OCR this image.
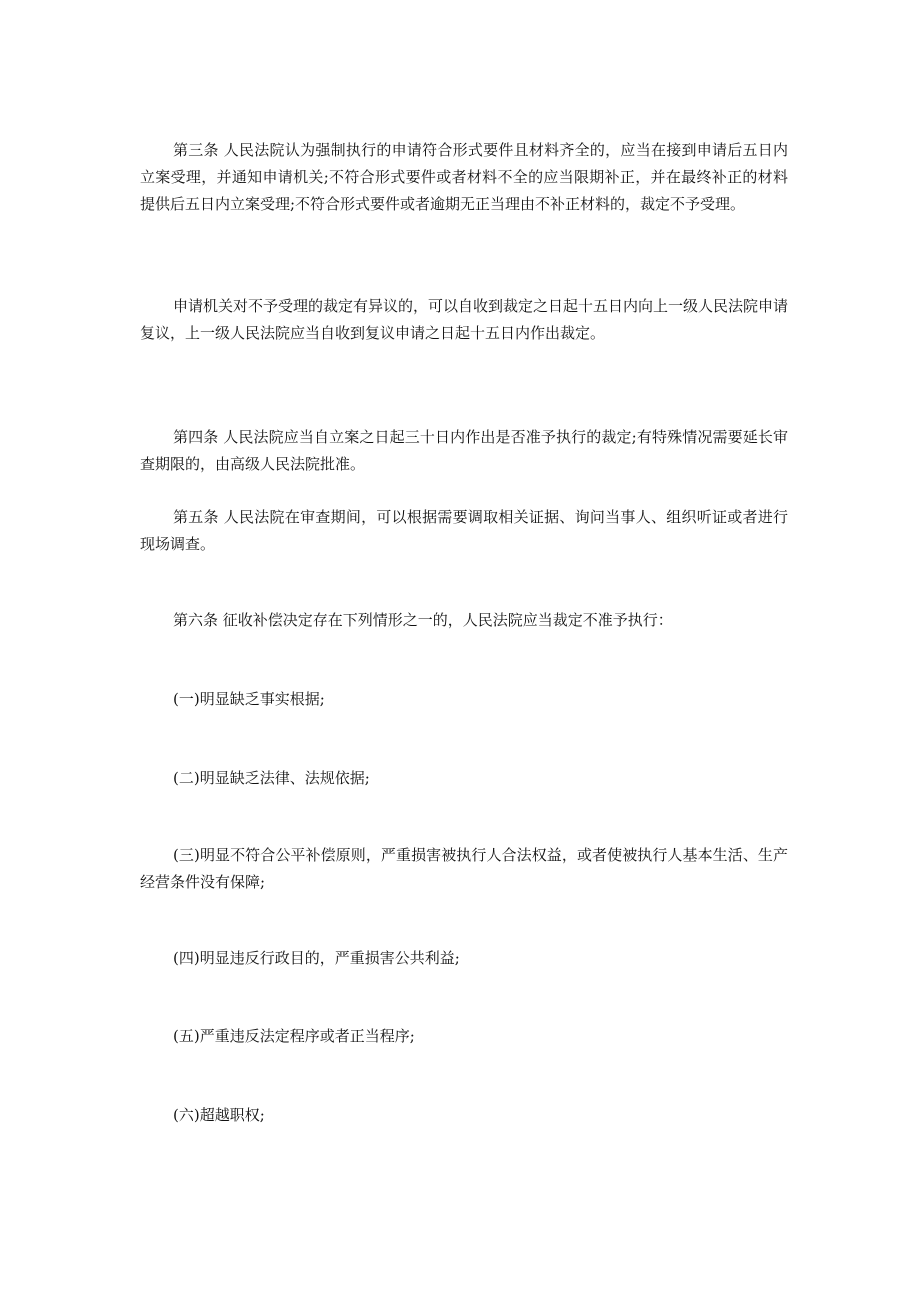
第三条 人民法院认为强制执行的申请符合形式要件且材料齐全的，应当在接到申请后五日内立案受理，并通知申请机关;不符合形式要件或者材料不全的应当限期补正，并在最终补正的材料提供后五日内立案受理;不符合形式要件或者逾期无正当理由不补正材料的，裁定不予受理。

申请机关对不予受理的裁定有异议的，可以自收到裁定之日起十五日内向上一级人民法院申请复议，上一级人民法院应当自收到复议申请之日起十五日内作出裁定。

第四条 人民法院应当自立案之日起三十日内作出是否准予执行的裁定;有特殊情况需要延长审查期限的，由高级人民法院批准。

第五条 人民法院在审查期间，可以根据需要调取相关证据、询问当事人、组织听证或者进行现场调查。

第六条 征收补偿决定存在下列情形之一的，人民法院应当裁定不准予执行：

(一)明显缺乏事实根据;

(二)明显缺乏法律、法规依据;

(三)明显不符合公平补偿原则，严重损害被执行人合法权益，或者使被执行人基本生活、生产经营条件没有保障;

(四)明显违反行政目的，严重损害公共利益;

(五)严重违反法定程序或者正当程序;

(六)超越职权;
